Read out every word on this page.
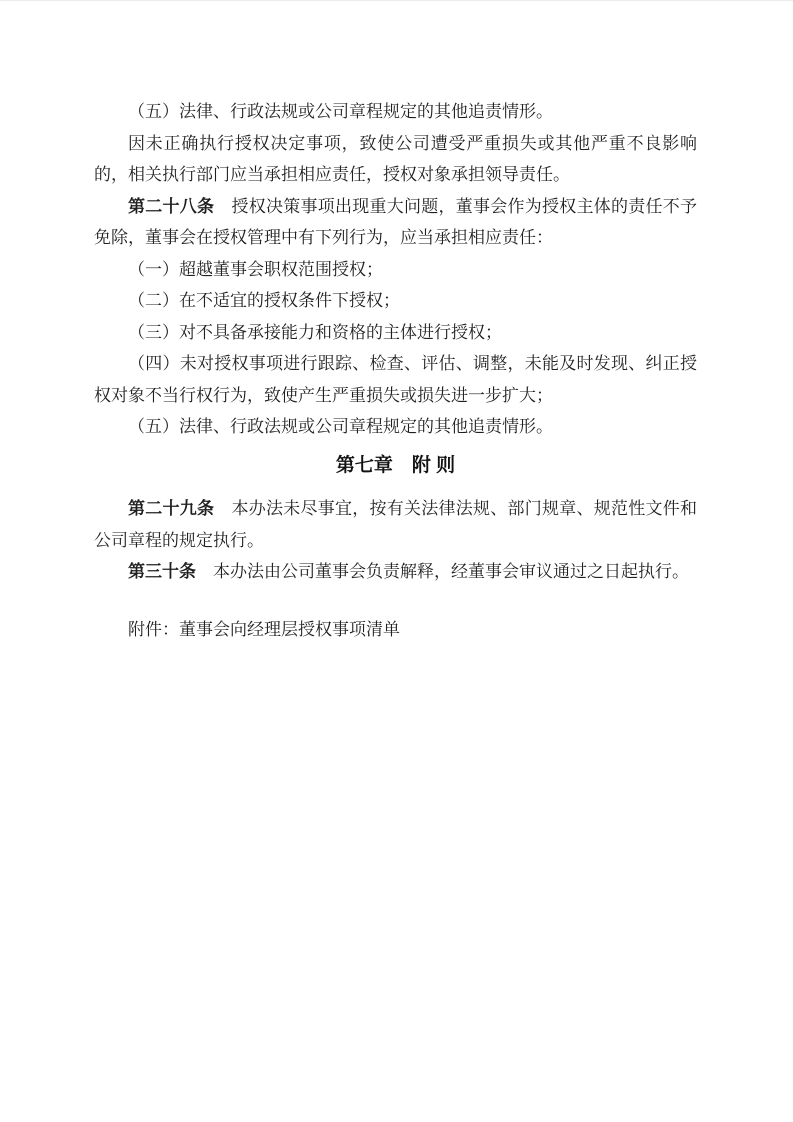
（五）法律、行政法规或公司章程规定的其他追责情形。

因未正确执行授权决定事项，致使公司遭受严重损失或其他严重不良影响的，相关执行部门应当承担相应责任，授权对象承担领导责任。

第二十八条　授权决策事项出现重大问题，董事会作为授权主体的责任不予免除，董事会在授权管理中有下列行为，应当承担相应责任：

（一）超越董事会职权范围授权；

（二）在不适宜的授权条件下授权；

（三）对不具备承接能力和资格的主体进行授权；

（四）未对授权事项进行跟踪、检查、评估、调整，未能及时发现、纠正授权对象不当行权行为，致使产生严重损失或损失进一步扩大；

（五）法律、行政法规或公司章程规定的其他追责情形。

第七章　附 则

第二十九条　本办法未尽事宜，按有关法律法规、部门规章、规范性文件和公司章程的规定执行。

第三十条　本办法由公司董事会负责解释，经董事会审议通过之日起执行。

附件：董事会向经理层授权事项清单
